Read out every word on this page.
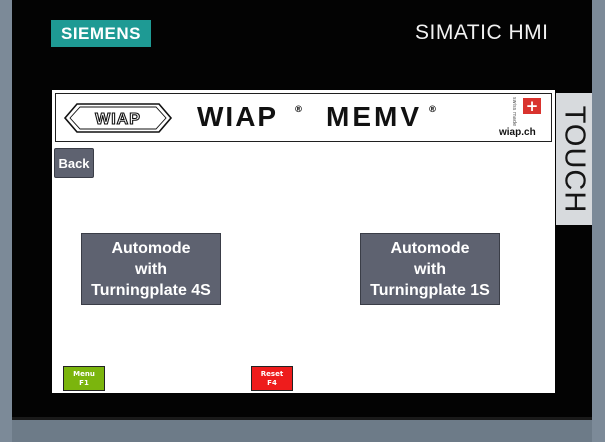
SIEMENS	SIMATIC HMI
TOUCH
WIAP WIAP ® MEMV ®	swiss made +
wiap.ch
Back
Automode
with
Turningplate 4S
Automode
with
Turningplate 1S
Menu
F1
Reset
F4
